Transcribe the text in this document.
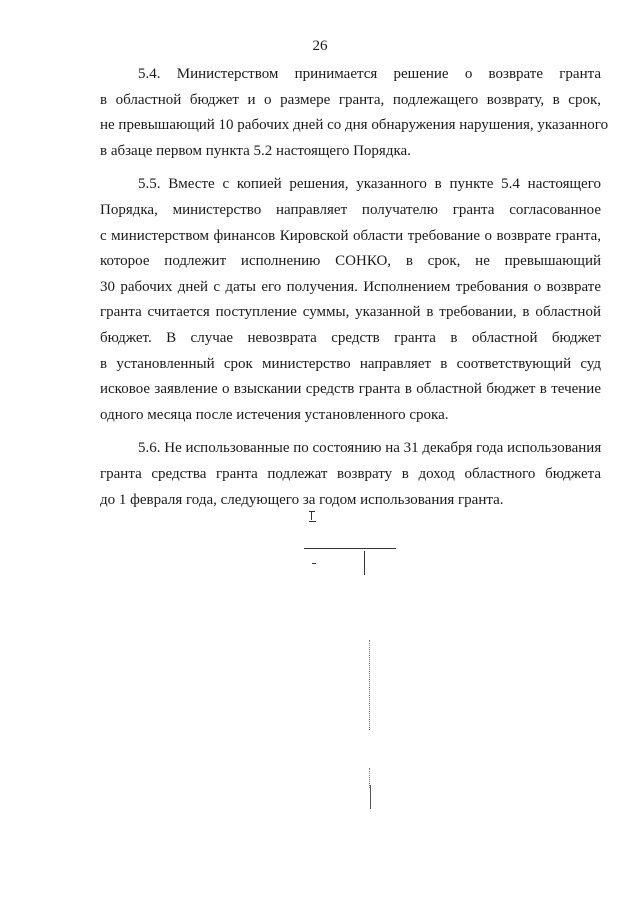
26

5.4. Министерством принимается решение о возврате гранта
в областной бюджет и о размере гранта, подлежащего возврату, в срок,
не превышающий 10 рабочих дней со дня обнаружения нарушения, указанного
в абзаце первом пункта 5.2 настоящего Порядка.

5.5. Вместе с копией решения, указанного в пункте 5.4 настоящего
Порядка, министерство направляет получателю гранта согласованное
с министерством финансов Кировской области требование о возврате гранта,
которое подлежит исполнению СОНКО, в срок, не превышающий
30 рабочих дней с даты его получения. Исполнением требования о возврате
гранта считается поступление суммы, указанной в требовании, в областной
бюджет. В случае невозврата средств гранта в областной бюджет
в установленный срок министерство направляет в соответствующий суд
исковое заявление о взыскании средств гранта в областной бюджет в течение
одного месяца после истечения установленного срока.

5.6. Не использованные по состоянию на 31 декабря года использования
гранта средства гранта подлежат возврату в доход областного бюджета
до 1 февраля года, следующего за годом использования гранта.
